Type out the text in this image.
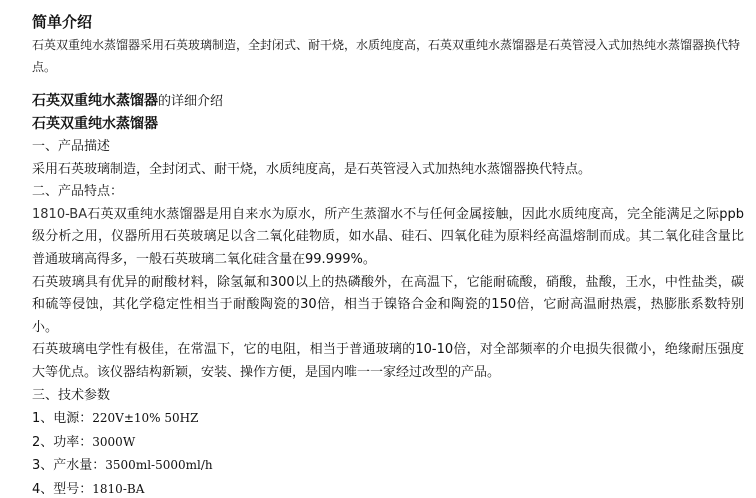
简单介绍

石英双重纯水蒸馏器采用石英玻璃制造，全封闭式、耐干烧，水质纯度高，石英双重纯水蒸馏器是石英管浸入式加热纯水蒸馏器换代特点。

石英双重纯水蒸馏器的详细介绍

石英双重纯水蒸馏器

一、产品描述

采用石英玻璃制造，全封闭式、耐干烧，水质纯度高，是石英管浸入式加热纯水蒸馏器换代特点。

二、产品特点：

1810-BA石英双重纯水蒸馏器是用自来水为原水，所产生蒸溜水不与任何金属接触，因此水质纯度高，完全能满足之际ppb级分析之用，仪器所用石英玻璃足以含二氧化硅物质，如水晶、硅石、四氧化硅为原料经高温熔制而成。其二氧化硅含量比普通玻璃高得多，一般石英玻璃二氧化硅含量在99.999%。

石英玻璃具有优异的耐酸材料，除氢氟和300以上的热磷酸外，在高温下，它能耐硫酸，硝酸，盐酸，王水，中性盐类，碳和硫等侵蚀，其化学稳定性相当于耐酸陶瓷的30倍，相当于镍铬合金和陶瓷的150倍，它耐高温耐热震，热膨胀系数特别小。

石英玻璃电学性有极佳，在常温下，它的电阻，相当于普通玻璃的10-10倍，对全部频率的介电损失很微小，绝缘耐压强度大等优点。该仪器结构新颖，安装、操作方便，是国内唯一一家经过改型的产品。

三、技术参数

1、电源：220V±10% 50HZ

2、功率：3000W

3、产水量：3500ml-5000ml/h

4、型号：1810-BA
